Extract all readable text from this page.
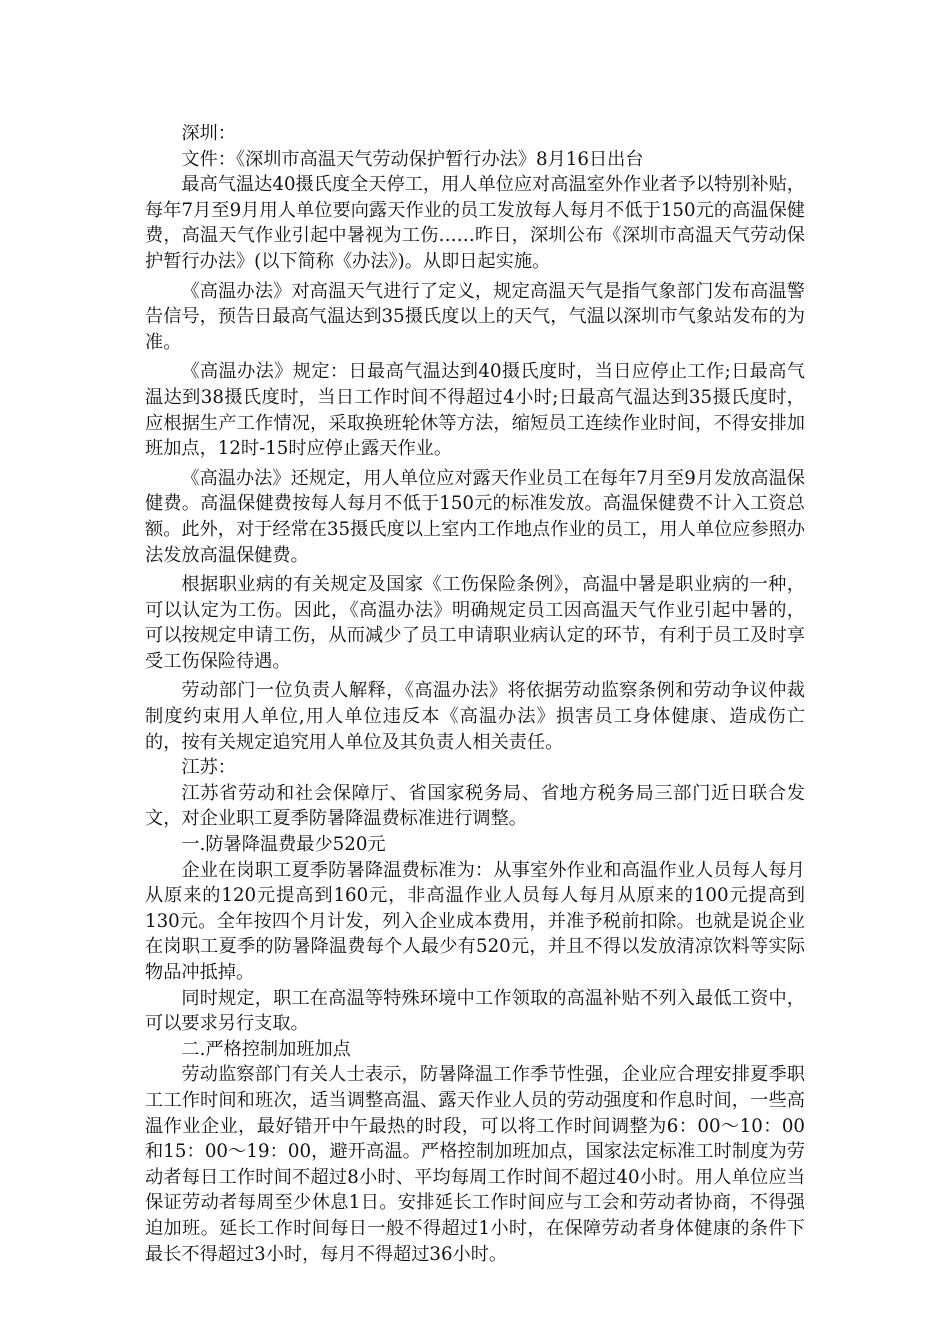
深圳：

文件：《深圳市高温天气劳动保护暂行办法》8月16日出台

最高气温达40摄氏度全天停工，用人单位应对高温室外作业者予以特别补贴，每年7月至9月用人单位要向露天作业的员工发放每人每月不低于150元的高温保健费，高温天气作业引起中暑视为工伤……昨日，深圳公布《深圳市高温天气劳动保护暂行办法》(以下简称《办法》)。从即日起实施。

《高温办法》对高温天气进行了定义，规定高温天气是指气象部门发布高温警告信号，预告日最高气温达到35摄氏度以上的天气，气温以深圳市气象站发布的为准。

《高温办法》规定：日最高气温达到40摄氏度时，当日应停止工作;日最高气温达到38摄氏度时，当日工作时间不得超过4小时;日最高气温达到35摄氏度时，应根据生产工作情况，采取换班轮休等方法，缩短员工连续作业时间，不得安排加班加点，12时-15时应停止露天作业。

《高温办法》还规定，用人单位应对露天作业员工在每年7月至9月发放高温保健费。高温保健费按每人每月不低于150元的标准发放。高温保健费不计入工资总额。此外，对于经常在35摄氏度以上室内工作地点作业的员工，用人单位应参照办法发放高温保健费。

根据职业病的有关规定及国家《工伤保险条例》，高温中暑是职业病的一种，可以认定为工伤。因此，《高温办法》明确规定员工因高温天气作业引起中暑的，可以按规定申请工伤，从而减少了员工申请职业病认定的环节，有利于员工及时享受工伤保险待遇。

劳动部门一位负责人解释，《高温办法》将依据劳动监察条例和劳动争议仲裁制度约束用人单位,用人单位违反本《高温办法》损害员工身体健康、造成伤亡的，按有关规定追究用人单位及其负责人相关责任。

江苏：

江苏省劳动和社会保障厅、省国家税务局、省地方税务局三部门近日联合发文，对企业职工夏季防暑降温费标准进行调整。

一.防暑降温费最少520元

企业在岗职工夏季防暑降温费标准为：从事室外作业和高温作业人员每人每月从原来的120元提高到160元，非高温作业人员每人每月从原来的100元提高到130元。全年按四个月计发，列入企业成本费用，并准予税前扣除。也就是说企业在岗职工夏季的防暑降温费每个人最少有520元，并且不得以发放清凉饮料等实际物品冲抵掉。

同时规定，职工在高温等特殊环境中工作领取的高温补贴不列入最低工资中，可以要求另行支取。

二.严格控制加班加点

劳动监察部门有关人士表示，防暑降温工作季节性强，企业应合理安排夏季职工工作时间和班次，适当调整高温、露天作业人员的劳动强度和作息时间，一些高温作业企业，最好错开中午最热的时段，可以将工作时间调整为6：00～10：00和15：00～19：00，避开高温。严格控制加班加点，国家法定标准工时制度为劳动者每日工作时间不超过8小时、平均每周工作时间不超过40小时。用人单位应当保证劳动者每周至少休息1日。安排延长工作时间应与工会和劳动者协商，不得强迫加班。延长工作时间每日一般不得超过1小时，在保障劳动者身体健康的条件下最长不得超过3小时，每月不得超过36小时。
